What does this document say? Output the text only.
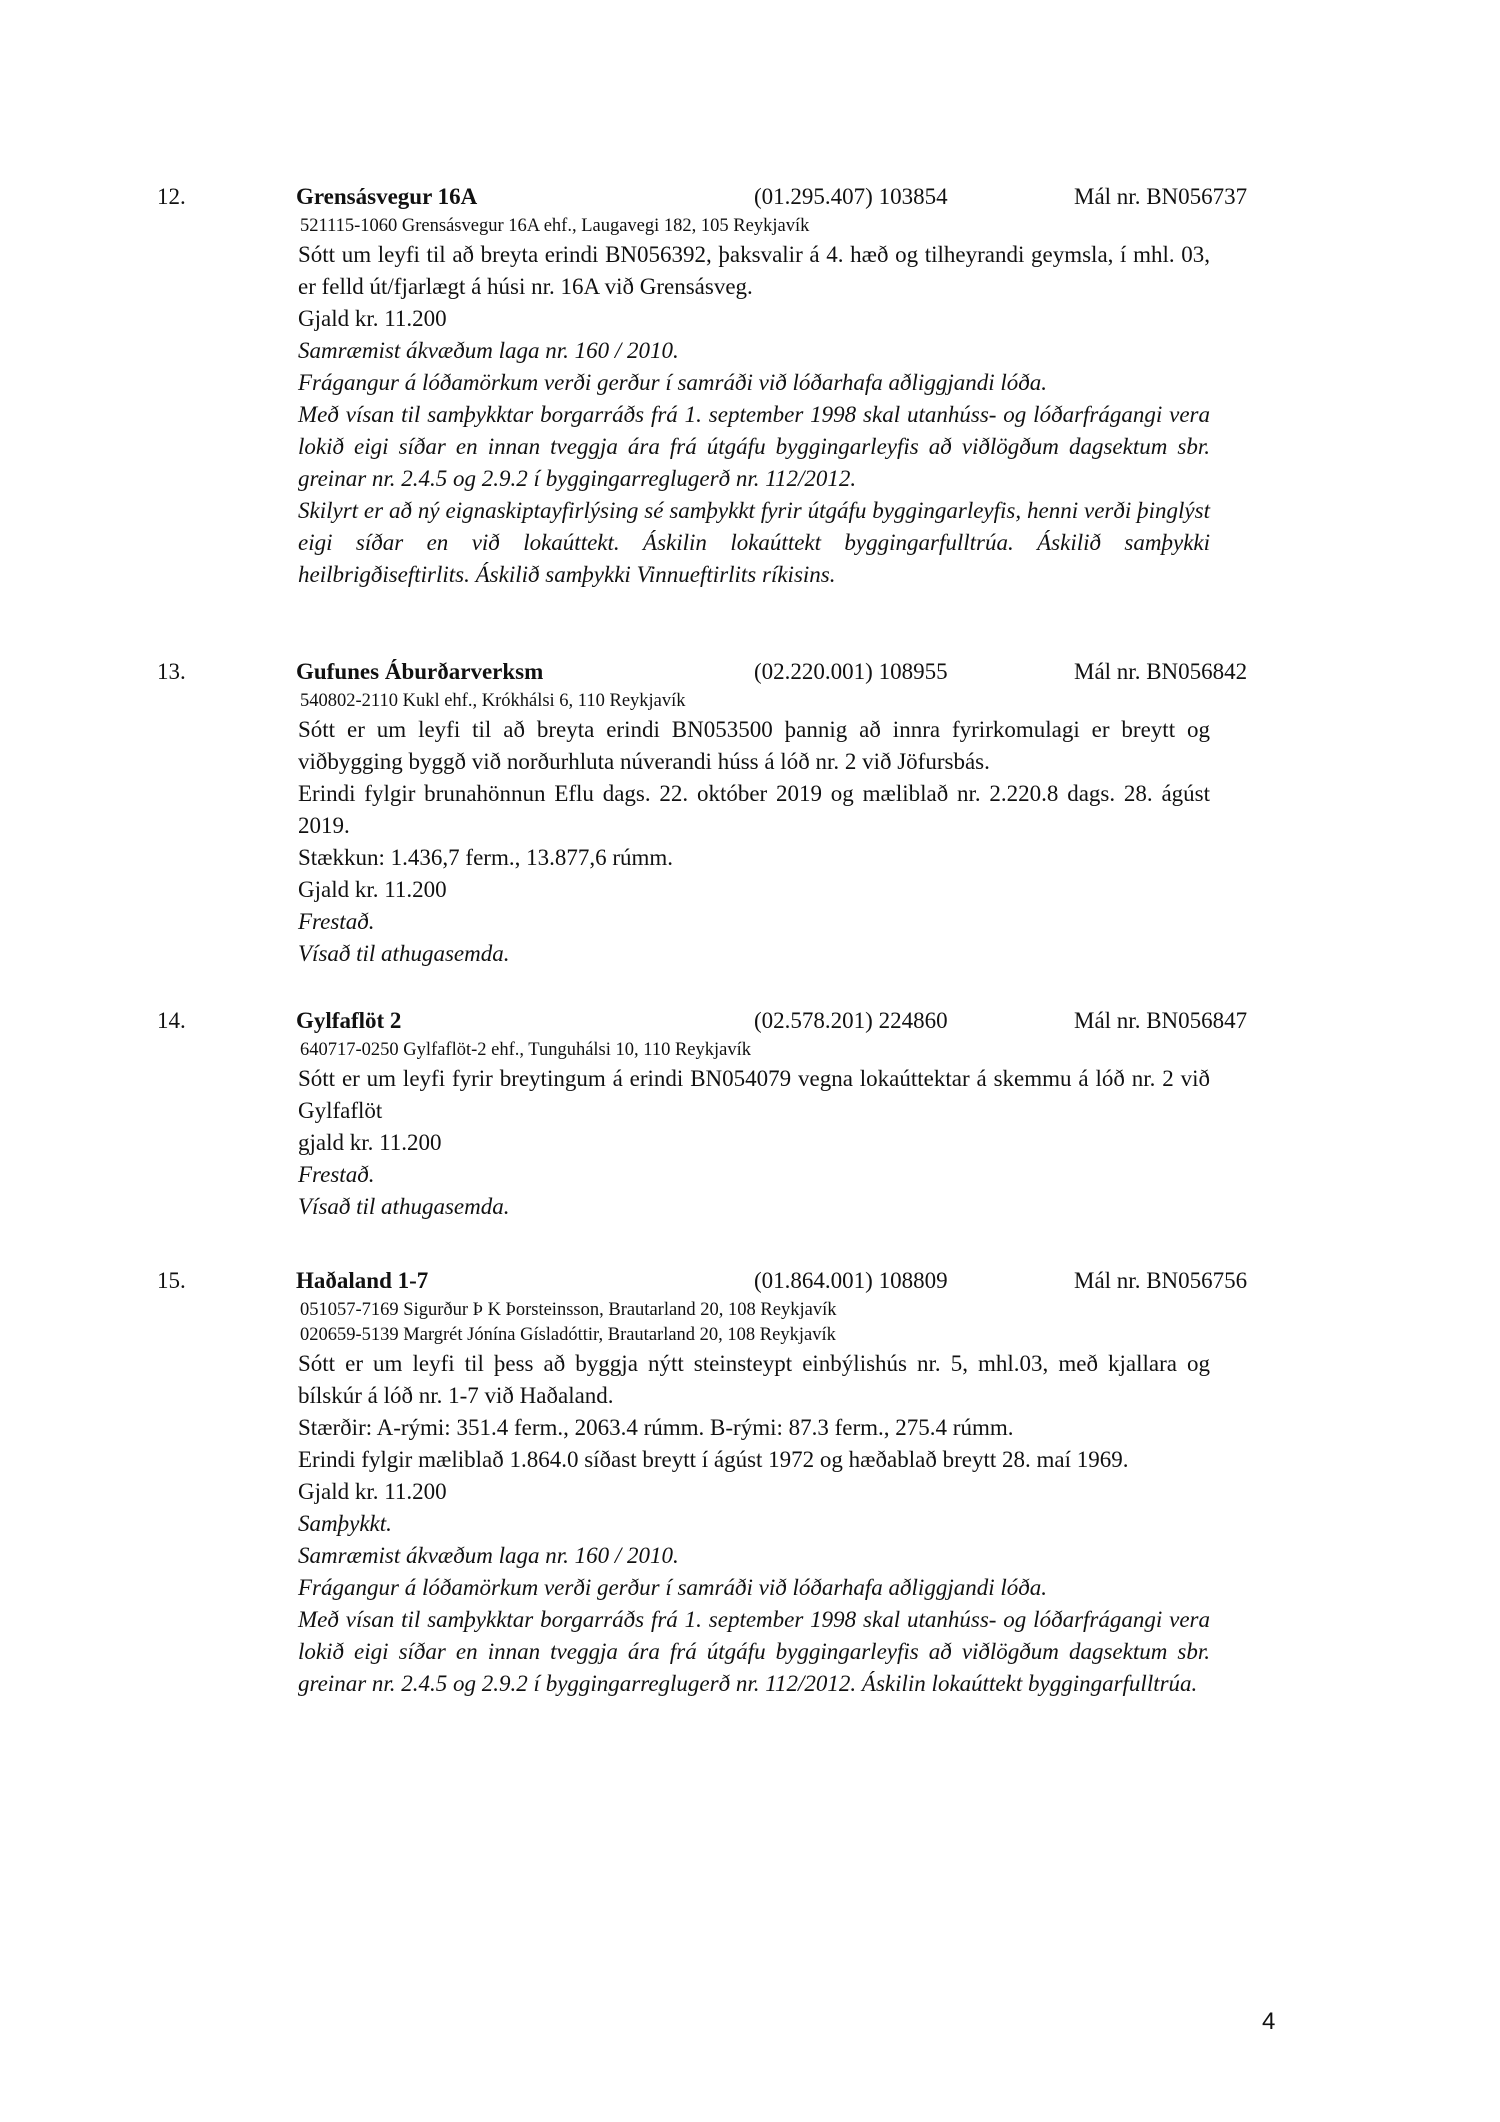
12.	Grensásvegur 16A	(01.295.407) 103854	Mál nr. BN056737
521115-1060 Grensásvegur 16A ehf., Laugavegi 182, 105 Reykjavík

Sótt um leyfi til að breyta erindi BN056392, þaksvalir á 4. hæð og tilheyrandi geymsla, í mhl. 03, er felld út/fjarlægt á húsi nr. 16A við Grensásveg.

Gjald kr. 11.200

Samræmist ákvæðum laga nr. 160 / 2010.

Frágangur á lóðamörkum verði gerður í samráði við lóðarhafa aðliggjandi lóða.

Með vísan til samþykktar borgarráðs frá 1. september 1998 skal utanhúss- og lóðarfrágangi vera lokið eigi síðar en innan tveggja ára frá útgáfu byggingarleyfis að viðlögðum dagsektum sbr. greinar nr. 2.4.5 og 2.9.2 í byggingarreglugerð nr. 112/2012.

Skilyrt er að ný eignaskiptayfirlýsing sé samþykkt fyrir útgáfu byggingarleyfis, henni verði þinglýst eigi síðar en við lokaúttekt. Áskilin lokaúttekt byggingarfulltrúa. Áskilið samþykki heilbrigðiseftirlits. Áskilið samþykki Vinnueftirlits ríkisins.

13.	Gufunes Áburðarverksm	(02.220.001) 108955	Mál nr. BN056842
540802-2110 Kukl ehf., Krókhálsi 6, 110 Reykjavík

Sótt er um leyfi til að breyta erindi BN053500 þannig að innra fyrirkomulagi er breytt og viðbygging byggð við norðurhluta núverandi húss á lóð nr. 2 við Jöfursbás.

Erindi fylgir brunahönnun Eflu dags. 22. október 2019 og mæliblað nr. 2.220.8 dags. 28. ágúst 2019.

Stækkun: 1.436,7 ferm., 13.877,6 rúmm.

Gjald kr. 11.200

Frestað.

Vísað til athugasemda.

14.	Gylfaflöt 2	(02.578.201) 224860	Mál nr. BN056847
640717-0250 Gylfaflöt-2 ehf., Tunguhálsi 10, 110 Reykjavík

Sótt er um leyfi fyrir breytingum á erindi BN054079 vegna lokaúttektar á skemmu á lóð nr. 2 við Gylfaflöt

gjald kr. 11.200

Frestað.

Vísað til athugasemda.

15.	Haðaland 1-7	(01.864.001) 108809	Mál nr. BN056756
051057-7169 Sigurður Þ K Þorsteinsson, Brautarland 20, 108 Reykjavík
020659-5139 Margrét Jónína Gísladóttir, Brautarland 20, 108 Reykjavík

Sótt er um leyfi til þess að byggja nýtt steinsteypt einbýlishús nr. 5, mhl.03, með kjallara og bílskúr á lóð nr. 1-7 við Haðaland.

Stærðir: A-rými: 351.4 ferm., 2063.4 rúmm. B-rými: 87.3 ferm., 275.4 rúmm.

Erindi fylgir mæliblað 1.864.0 síðast breytt í ágúst 1972 og hæðablað breytt 28. maí 1969.

Gjald kr. 11.200

Samþykkt.

Samræmist ákvæðum laga nr. 160 / 2010.

Frágangur á lóðamörkum verði gerður í samráði við lóðarhafa aðliggjandi lóða.

Með vísan til samþykktar borgarráðs frá 1. september 1998 skal utanhúss- og lóðarfrágangi vera lokið eigi síðar en innan tveggja ára frá útgáfu byggingarleyfis að viðlögðum dagsektum sbr. greinar nr. 2.4.5 og 2.9.2 í byggingarreglugerð nr. 112/2012. Áskilin lokaúttekt byggingarfulltrúa.

4
